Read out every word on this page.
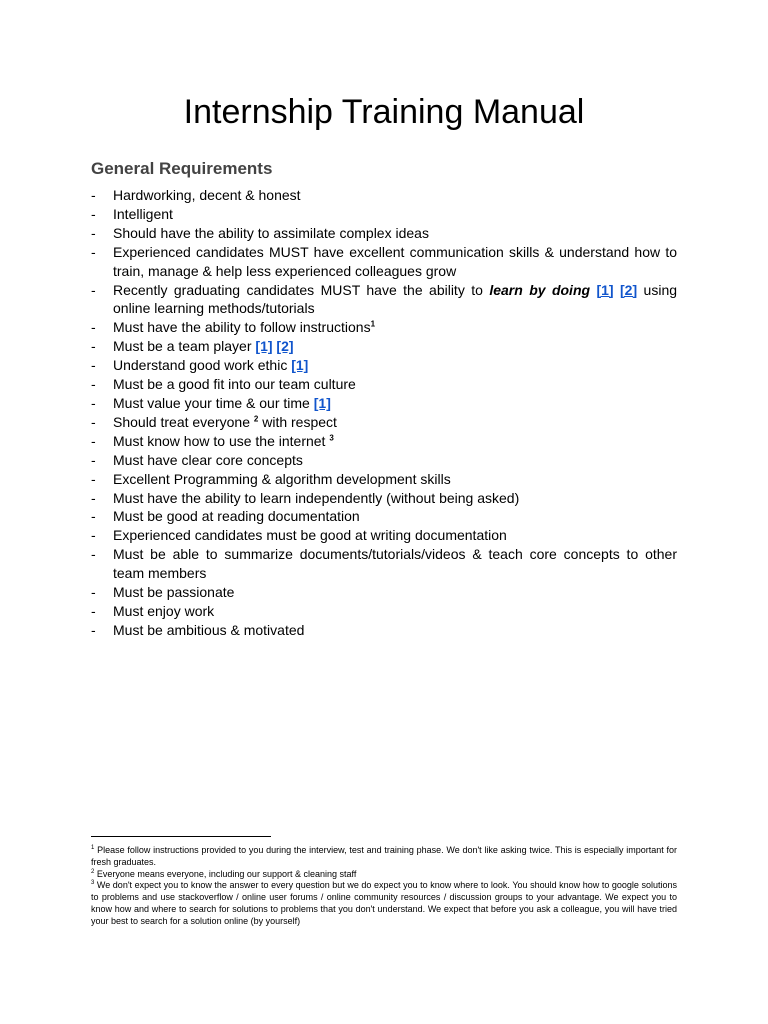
Internship Training Manual
General Requirements
-	Hardworking, decent & honest
-	Intelligent
-	Should have the ability to assimilate complex ideas
-	Experienced candidates MUST have excellent communication skills & understand how to train, manage & help less experienced colleagues grow
-	Recently graduating candidates MUST have the ability to learn by doing [1] [2] using online learning methods/tutorials
-	Must have the ability to follow instructions$^1$
-	Must be a team player [1] [2]
-	Understand good work ethic [1]
-	Must be a good fit into our team culture
-	Must value your time & our time [1]
-	Should treat everyone $^2$ with respect
-	Must know how to use the internet $^3$
-	Must have clear core concepts
-	Excellent Programming & algorithm development skills
-	Must have the ability to learn independently (without being asked)
-	Must be good at reading documentation
-	Experienced candidates must be good at writing documentation
-	Must be able to summarize documents/tutorials/videos & teach core concepts to other team members
-	Must be passionate
-	Must enjoy work
-	Must be ambitious & motivated

$^1$ Please follow instructions provided to you during the interview, test and training phase. We don't like asking twice. This is especially important for fresh graduates.

$^2$ Everyone means everyone, including our support & cleaning staff

$^3$ We don't expect you to know the answer to every question but we do expect you to know where to look. You should know how to google solutions to problems and use stackoverflow / online user forums / online community resources / discussion groups to your advantage. We expect you to know how and where to search for solutions to problems that you don't understand. We expect that before you ask a colleague, you will have tried your best to search for a solution online (by yourself)
